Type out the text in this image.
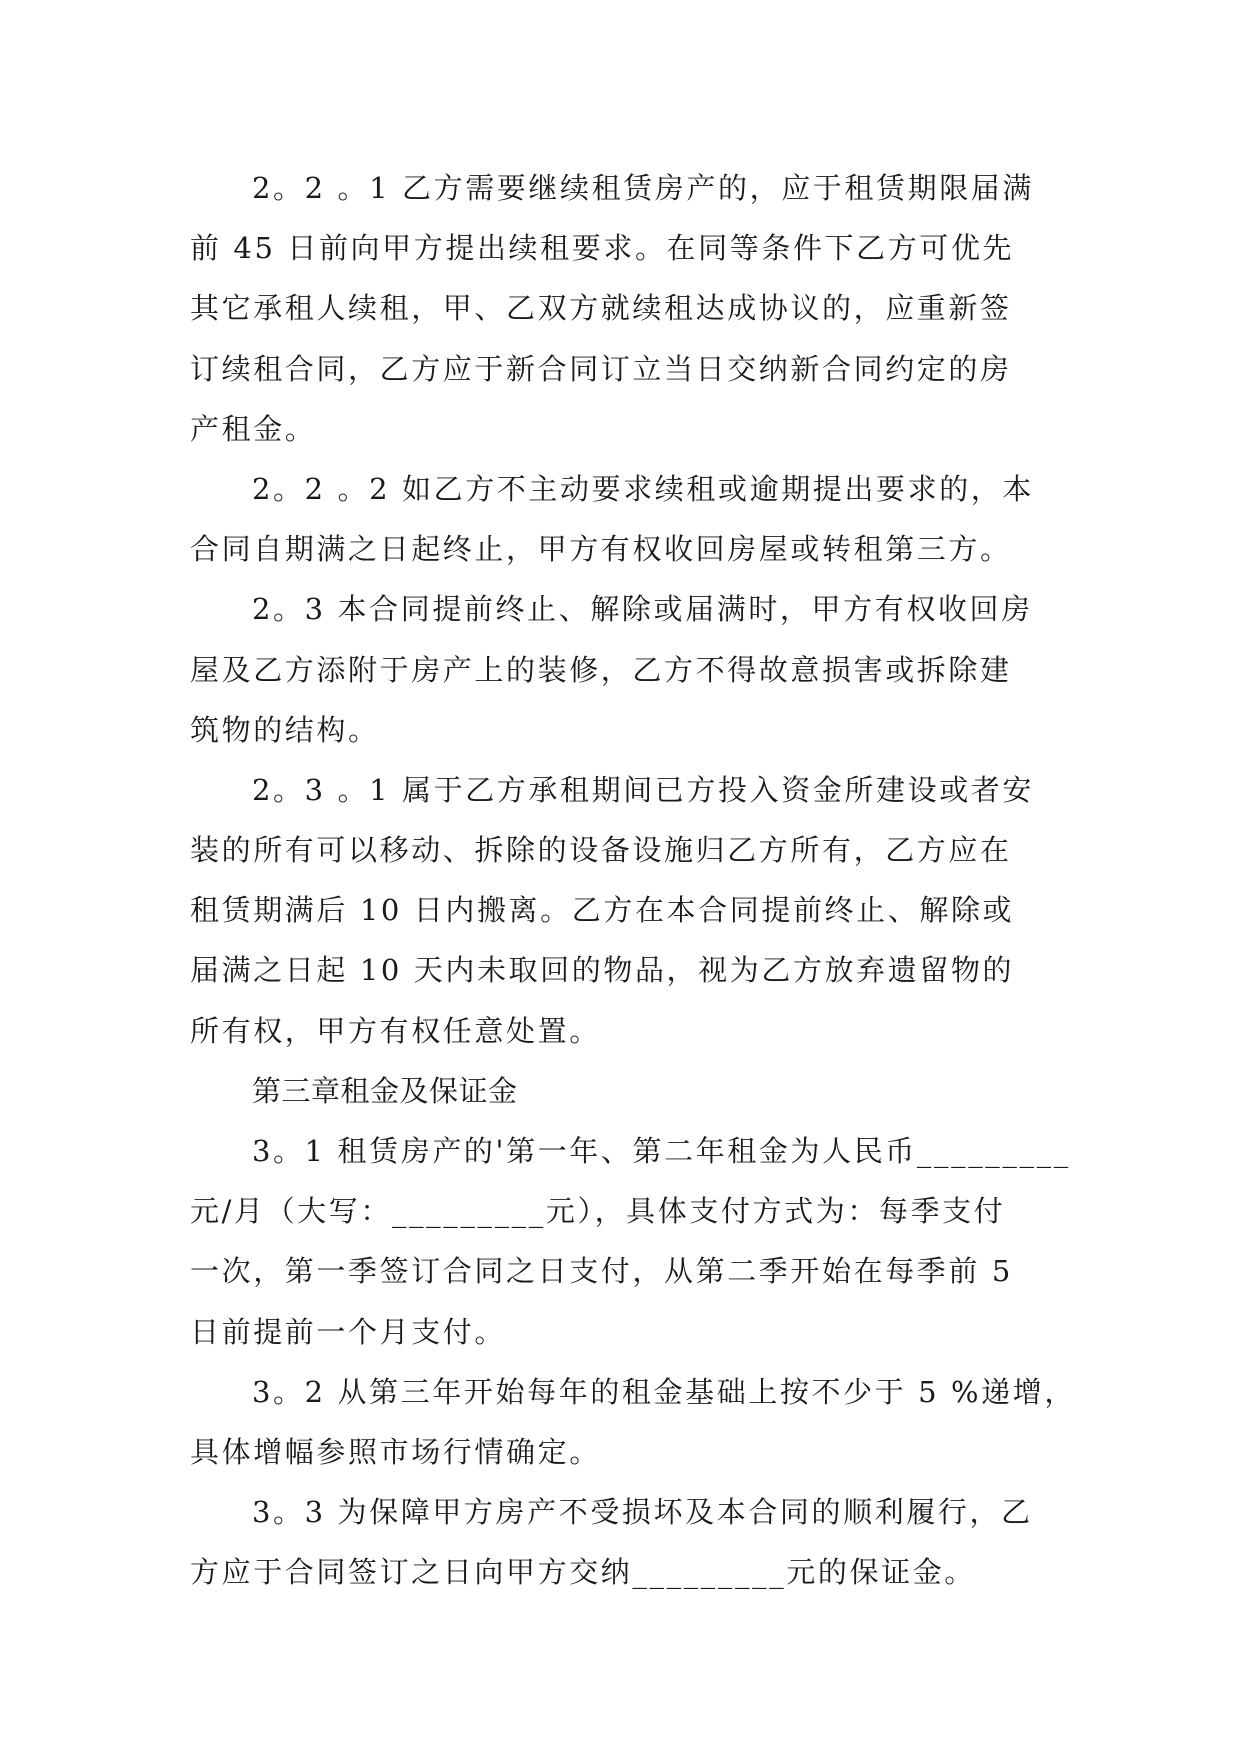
2。2 。1 乙方需要继续租赁房产的，应于租赁期限届满
前 45 日前向甲方提出续租要求。在同等条件下乙方可优先
其它承租人续租，甲、乙双方就续租达成协议的，应重新签
订续租合同，乙方应于新合同订立当日交纳新合同约定的房
产租金。
2。2 。2 如乙方不主动要求续租或逾期提出要求的，本
合同自期满之日起终止，甲方有权收回房屋或转租第三方。
2。3 本合同提前终止、解除或届满时，甲方有权收回房
屋及乙方添附于房产上的装修，乙方不得故意损害或拆除建
筑物的结构。
2。3 。1 属于乙方承租期间已方投入资金所建设或者安
装的所有可以移动、拆除的设备设施归乙方所有，乙方应在
租赁期满后 10 日内搬离。乙方在本合同提前终止、解除或
届满之日起 10 天内未取回的物品，视为乙方放弃遗留物的
所有权，甲方有权任意处置。
第三章租金及保证金
3。1 租赁房产的'第一年、第二年租金为人民币_________
元/月（大写：_________元），具体支付方式为：每季支付
一次，第一季签订合同之日支付，从第二季开始在每季前 5
日前提前一个月支付。
3。2 从第三年开始每年的租金基础上按不少于 5 %递增，
具体增幅参照市场行情确定。
3。3 为保障甲方房产不受损坏及本合同的顺利履行，乙
方应于合同签订之日向甲方交纳_________元的保证金。
